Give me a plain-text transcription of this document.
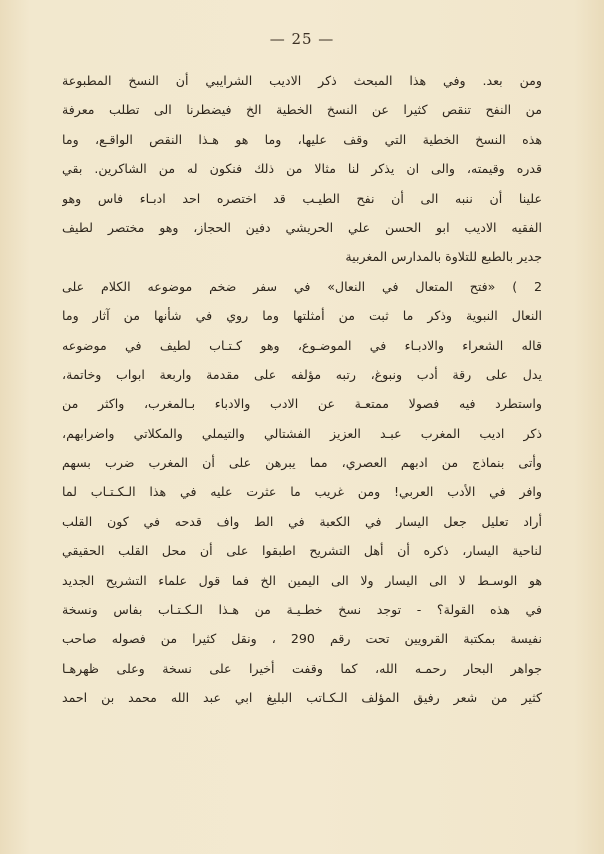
— 25 —
ومن بعد. وفي هذا المبحث ذكر الاديب الشرايبي أن النسخ المطبوعة
من النفح تنقص كثيرا عن النسخ الخطية الخ فيضطرنا الى تطلب معرفة
هذه النسخ الخطية التي وقف عليها، وما هو هـذا النقص الواقـع، وما
قدره وقيمته، والى ان يذكر لنا مثالا من ذلك فنكون له من الشاكرين. بقي
علينا أن ننبه الى أن نفح الطيـب قد اختصره احد ادبـاء فاس وهو
الفقيه الاديب ابو الحسن علي الحريشي دفين الحجاز، وهو مختصر لطيف
جدير بالطبع للتلاوة بالمدارس المغربية
2 ) «فتح المتعال في النعال» في سفر ضخم موضوعه الكلام على
النعال النبوية وذكر ما ثبت من أمثلتها وما روي في شأنها من آثار وما
قاله الشعراء والادبـاء في الموضـوع، وهو كـتـاب لطيف في موضوعه
يدل على رقة أدب ونبوغ، رتبه مؤلفه على مقدمة واربعة ابواب وخاتمة،
واستطرد فيه فصولا ممتعـة عن الادب والادباء بـالمغرب، واكثر من
ذكر اديب المغرب عبـد العزيز الفشتالي والتيملي والمكلاتي واضرابهم،
وأتى بنماذج من ادبهم العصري، مما يبرهن على أن المغرب ضرب بسهم
وافر في الأدب العربي! ومن غريب ما عثرت عليه في هذا الـكـتـاب لما
أراد تعليل جعل اليسار في الكعبة في الط واف قدحه في كون القلب
لناحية اليسار، ذكره أن أهل التشريح اطبقوا على أن محل القلب الحقيقي
هو الوسـط لا الى اليسار ولا الى اليمين الخ فما قول علماء التشريح الجديد
في هذه القولة؟ - توجد نسخ خطـيـة من هـذا الـكـتـاب بفاس ونسخة
نفيسة بمكتبة القرويين تحت رقم 290 ، ونقل كثيرا من فصوله صاحب
جواهر البحار رحمـه الله، كما وقفت أخيرا على نسخة وعلى ظهرهـا
كثير من شعر رفيق المؤلف الـكـاتب البليغ ابي عبد الله محمد بن احمد
